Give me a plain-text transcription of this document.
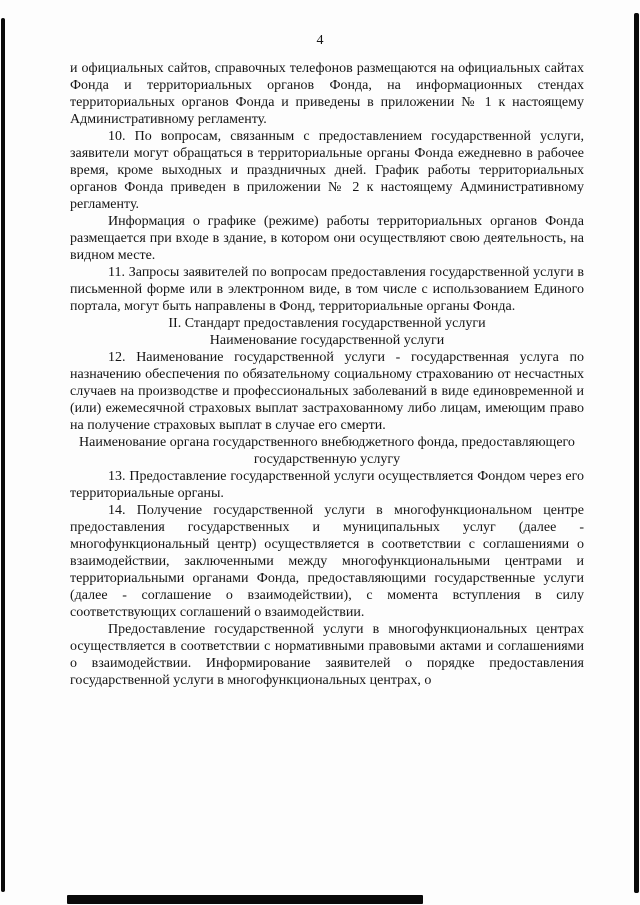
4

и официальных сайтов, справочных телефонов размещаются на официальных сайтах Фонда и территориальных органов Фонда, на информационных стендах территориальных органов Фонда и приведены в приложении № 1 к настоящему Административному регламенту.

10. По вопросам, связанным с предоставлением государственной услуги, заявители могут обращаться в территориальные органы Фонда ежедневно в рабочее время, кроме выходных и праздничных дней. График работы территориальных органов Фонда приведен в приложении № 2 к настоящему Административному регламенту.

Информация о графике (режиме) работы территориальных органов Фонда размещается при входе в здание, в котором они осуществляют свою деятельность, на видном месте.

11. Запросы заявителей по вопросам предоставления государственной услуги в письменной форме или в электронном виде, в том числе с использованием Единого портала, могут быть направлены в Фонд, территориальные органы Фонда.

II. Стандарт предоставления государственной услуги

Наименование государственной услуги

12. Наименование государственной услуги - государственная услуга по назначению обеспечения по обязательному социальному страхованию от несчастных случаев на производстве и профессиональных заболеваний в виде единовременной и (или) ежемесячной страховых выплат застрахованному либо лицам, имеющим право на получение страховых выплат в случае его смерти.

Наименование органа государственного внебюджетного фонда, предоставляющего государственную услугу

13. Предоставление государственной услуги осуществляется Фондом через его территориальные органы.

14. Получение государственной услуги в многофункциональном центре предоставления государственных и муниципальных услуг (далее - многофункциональный центр) осуществляется в соответствии с соглашениями о взаимодействии, заключенными между многофункциональными центрами и территориальными органами Фонда, предоставляющими государственные услуги (далее - соглашение о взаимодействии), с момента вступления в силу соответствующих соглашений о взаимодействии.

Предоставление государственной услуги в многофункциональных центрах осуществляется в соответствии с нормативными правовыми актами и соглашениями о взаимодействии. Информирование заявителей о порядке предоставления государственной услуги в многофункциональных центрах, о
